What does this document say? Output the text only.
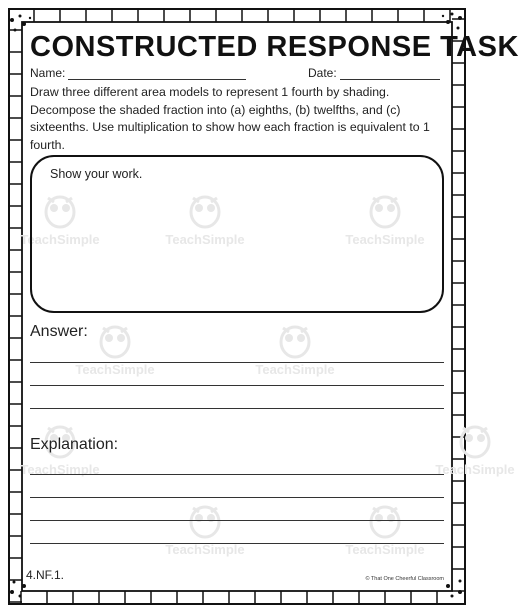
TeachSimple	TeachSimple	TeachSimple
TeachSimple	TeachSimple
TeachSimple
TeachSimple	TeachSimple
TeachSimple
CONSTRUCTED RESPONSE TASK
Name:	Date:
Draw three different area models to represent 1 fourth by shading. Decompose the shaded fraction into (a) eighths, (b) twelfths, and (c) sixteenths. Use multiplication to show how each fraction is equivalent to 1 fourth.
Show your work.
Answer:
Explanation:
4.NF.1.	© That One Cheerful Classroom
